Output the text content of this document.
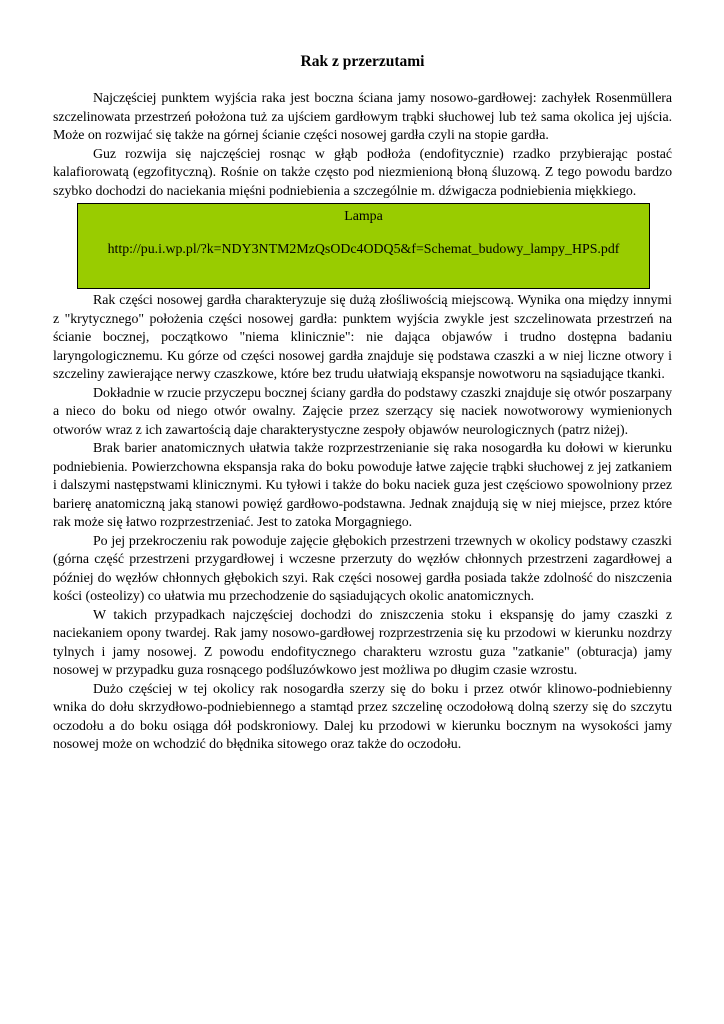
Rak z przerzutami

Najczęściej punktem wyjścia raka jest boczna ściana jamy nosowo-gardłowej: zachyłek Rosenmüllera szczelinowata przestrzeń położona tuż za ujściem gardłowym trąbki słuchowej lub też sama okolica jej ujścia. Może on rozwijać się także na górnej ścianie części nosowej gardła czyli na stopie gardła.

Guz rozwija się najczęściej rosnąc w głąb podłoża (endofitycznie) rzadko przybierając postać kalafiorowatą (egzofityczną). Rośnie on także często pod niezmienioną błoną śluzową. Z tego powodu bardzo szybko dochodzi do naciekania mięśni podniebienia a szczególnie m. dźwigacza podniebienia miękkiego.

Lampa
http://pu.i.wp.pl/?k=NDY3NTM2MzQsODc4ODQ5&f=Schemat_budowy_lampy_HPS.pdf

Rak części nosowej gardła charakteryzuje się dużą złośliwością miejscową. Wynika ona między innymi z "krytycznego" położenia części nosowej gardła: punktem wyjścia zwykle jest szczelinowata przestrzeń na ścianie bocznej, początkowo "niema klinicznie": nie dająca objawów i trudno dostępna badaniu laryngologicznemu. Ku górze od części nosowej gardła znajduje się podstawa czaszki a w niej liczne otwory i szczeliny zawierające nerwy czaszkowe, które bez trudu ułatwiają ekspansje nowotworu na sąsiadujące tkanki.

Dokładnie w rzucie przyczepu bocznej ściany gardła do podstawy czaszki znajduje się otwór poszarpany a nieco do boku od niego otwór owalny. Zajęcie przez szerzący się naciek nowotworowy wymienionych otworów wraz z ich zawartością daje charakterystyczne zespoły objawów neurologicznych (patrz niżej).

Brak barier anatomicznych ułatwia także rozprzestrzenianie się raka nosogardła ku dołowi w kierunku podniebienia. Powierzchowna ekspansja raka do boku powoduje łatwe zajęcie trąbki słuchowej z jej zatkaniem i dalszymi następstwami klinicznymi. Ku tyłowi i także do boku naciek guza jest częściowo spowolniony przez barierę anatomiczną jaką stanowi powięź gardłowo-podstawna. Jednak znajdują się w niej miejsce, przez które rak może się łatwo rozprzestrzeniać. Jest to zatoka Morgagniego.

Po jej przekroczeniu rak powoduje zajęcie głębokich przestrzeni trzewnych w okolicy podstawy czaszki (górna część przestrzeni przygardłowej i wczesne przerzuty do węzłów chłonnych przestrzeni zagardłowej a później do węzłów chłonnych głębokich szyi. Rak części nosowej gardła posiada także zdolność do niszczenia kości (osteolizy) co ułatwia mu przechodzenie do sąsiadujących okolic anatomicznych.

W takich przypadkach najczęściej dochodzi do zniszczenia stoku i ekspansję do jamy czaszki z naciekaniem opony twardej. Rak jamy nosowo-gardłowej rozprzestrzenia się ku przodowi w kierunku nozdrzy tylnych i jamy nosowej. Z powodu endofitycznego charakteru wzrostu guza "zatkanie" (obturacja) jamy nosowej w przypadku guza rosnącego podśluzówkowo jest możliwa po długim czasie wzrostu.

Dużo częściej w tej okolicy rak nosogardła szerzy się do boku i przez otwór klinowo-podniebienny wnika do dołu skrzydłowo-podniebiennego a stamtąd przez szczelinę oczodołową dolną szerzy się do szczytu oczodołu a do boku osiąga dół podskroniowy. Dalej ku przodowi w kierunku bocznym na wysokości jamy nosowej może on wchodzić do błędnika sitowego oraz także do oczodołu.
